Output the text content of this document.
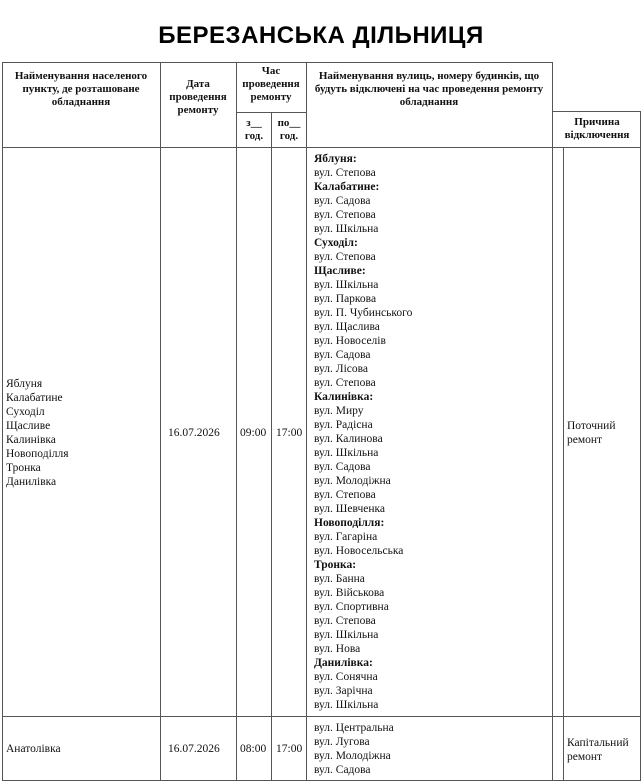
БЕРЕЗАНСЬКА ДІЛЬНИЦЯ
Найменування населеного пункту, де розташоване обладнання
Дата проведення ремонту
Час проведення ремонту
з__ год.
по__ год.
Найменування вулиць, номеру будинків, що будуть відключені на час проведення ремонту обладнання
Причина відключення
Яблуня
Калабатине
Суходіл
Щасливе
Калинівка
Новоподілля
Тронка
Данилівка
16.07.2026 09:00 17:00
Поточний ремонт
Яблуня:
вул. Степова
Калабатине:
вул. Садова
вул. Степова
вул. Шкільна
Суходіл:
вул. Степова
Щасливе:
вул. Шкільна
вул. Паркова
вул. П. Чубинського
вул. Щаслива
вул. Новоселів
вул. Садова
вул. Лісова
вул. Степова
Калинівка:
вул. Миру
вул. Радісна
вул. Калинова
вул. Шкільна
вул. Садова
вул. Молодіжна
вул. Степова
вул. Шевченка
Новоподілля:
вул. Гагаріна
вул. Новосельська
Тронка:
вул. Банна
вул. Військова
вул. Спортивна
вул. Степова
вул. Шкільна
вул. Нова
Данилівка:
вул. Сонячна
вул. Зарічна
вул. Шкільна
Анатолівка	16.07.2026 08:00 17:00	Капітальний ремонт
вул. Центральна
вул. Лугова
вул. Молодіжна
вул. Садова
